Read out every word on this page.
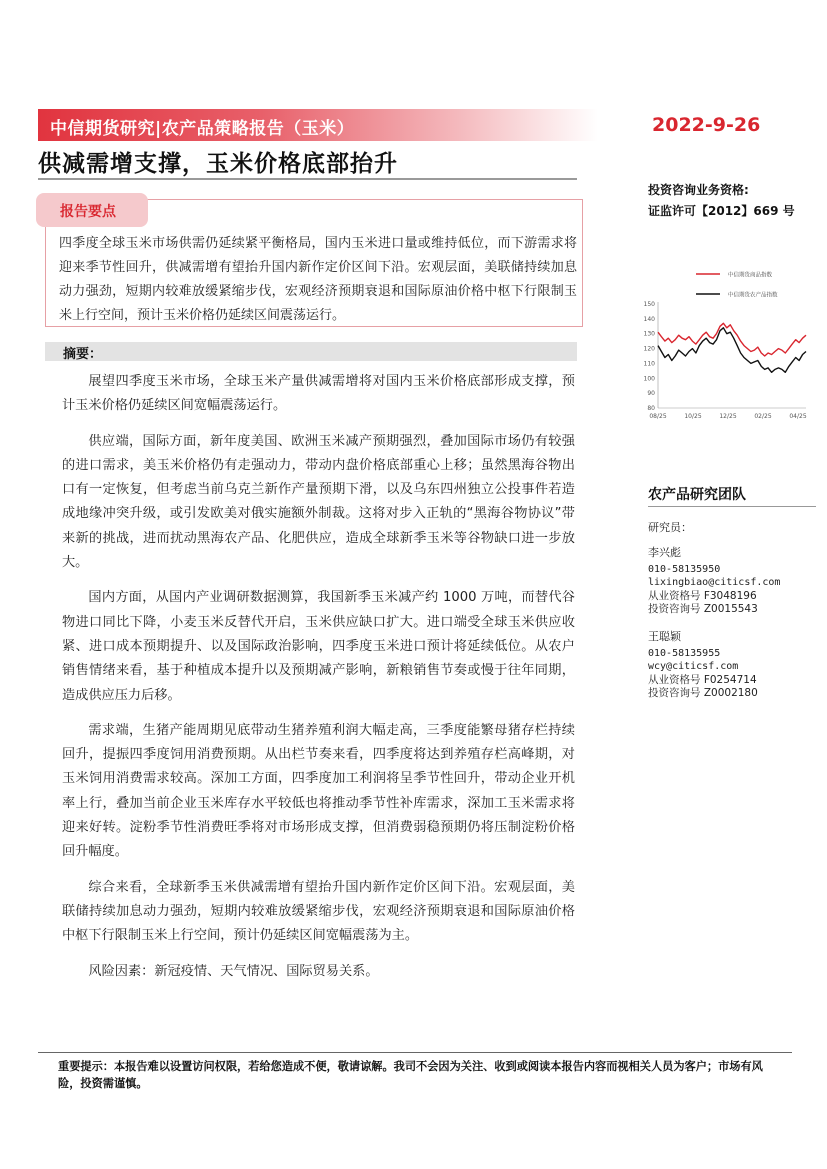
中信期货研究|农产品策略报告（玉米）	2022-9-26
供减需增支撑，玉米价格底部抬升
投资咨询业务资格:
证监许可【2012】669 号
报告要点
四季度全球玉米市场供需仍延续紧平衡格局，国内玉米进口量或维持低位，而下游需求将迎来季节性回升，供减需增有望抬升国内新作定价区间下沿。宏观层面，美联储持续加息动力强劲，短期内较难放缓紧缩步伐，宏观经济预期衰退和国际原油价格中枢下行限制玉米上行空间，预计玉米价格仍延续区间震荡运行。
摘要：

展望四季度玉米市场，全球玉米产量供减需增将对国内玉米价格底部形成支撑，预计玉米价格仍延续区间宽幅震荡运行。

供应端，国际方面，新年度美国、欧洲玉米减产预期强烈，叠加国际市场仍有较强的进口需求，美玉米价格仍有走强动力，带动内盘价格底部重心上移；虽然黑海谷物出口有一定恢复，但考虑当前乌克兰新作产量预期下滑，以及乌东四州独立公投事件若造成地缘冲突升级，或引发欧美对俄实施额外制裁。这将对步入正轨的“黑海谷物协议”带来新的挑战，进而扰动黑海农产品、化肥供应，造成全球新季玉米等谷物缺口进一步放大。

国内方面，从国内产业调研数据测算，我国新季玉米减产约 1000 万吨，而替代谷物进口同比下降，小麦玉米反替代开启，玉米供应缺口扩大。进口端受全球玉米供应收紧、进口成本预期提升、以及国际政治影响，四季度玉米进口预计将延续低位。从农户销售情绪来看，基于种植成本提升以及预期减产影响，新粮销售节奏或慢于往年同期，造成供应压力后移。

需求端，生猪产能周期见底带动生猪养殖利润大幅走高，三季度能繁母猪存栏持续回升，提振四季度饲用消费预期。从出栏节奏来看，四季度将达到养殖存栏高峰期，对玉米饲用消费需求较高。深加工方面，四季度加工利润将呈季节性回升，带动企业开机率上行，叠加当前企业玉米库存水平较低也将推动季节性补库需求，深加工玉米需求将迎来好转。淀粉季节性消费旺季将对市场形成支撑，但消费弱稳预期仍将压制淀粉价格回升幅度。

综合来看，全球新季玉米供减需增有望抬升国内新作定价区间下沿。宏观层面，美联储持续加息动力强劲，短期内较难放缓紧缩步伐，宏观经济预期衰退和国际原油价格中枢下行限制玉米上行空间，预计仍延续区间宽幅震荡为主。

风险因素：新冠疫情、天气情况、国际贸易关系。

中信期货商品指数
中信期货农产品指数
150
140
130
120
110
100
90
80
08/25	10/25	12/25	02/25	04/25
农产品研究团队
研究员：
李兴彪
010-58135950
lixingbiao@citicsf.com
从业资格号 F3048196
投资咨询号 Z0015543
王聪颖
010-58135955
wcy@citicsf.com
从业资格号 F0254714
投资咨询号 Z0002180
重要提示：本报告难以设置访问权限，若给您造成不便，敬请谅解。我司不会因为关注、收到或阅读本报告内容而视相关人员为客户；市场有风险，投资需谨慎。
